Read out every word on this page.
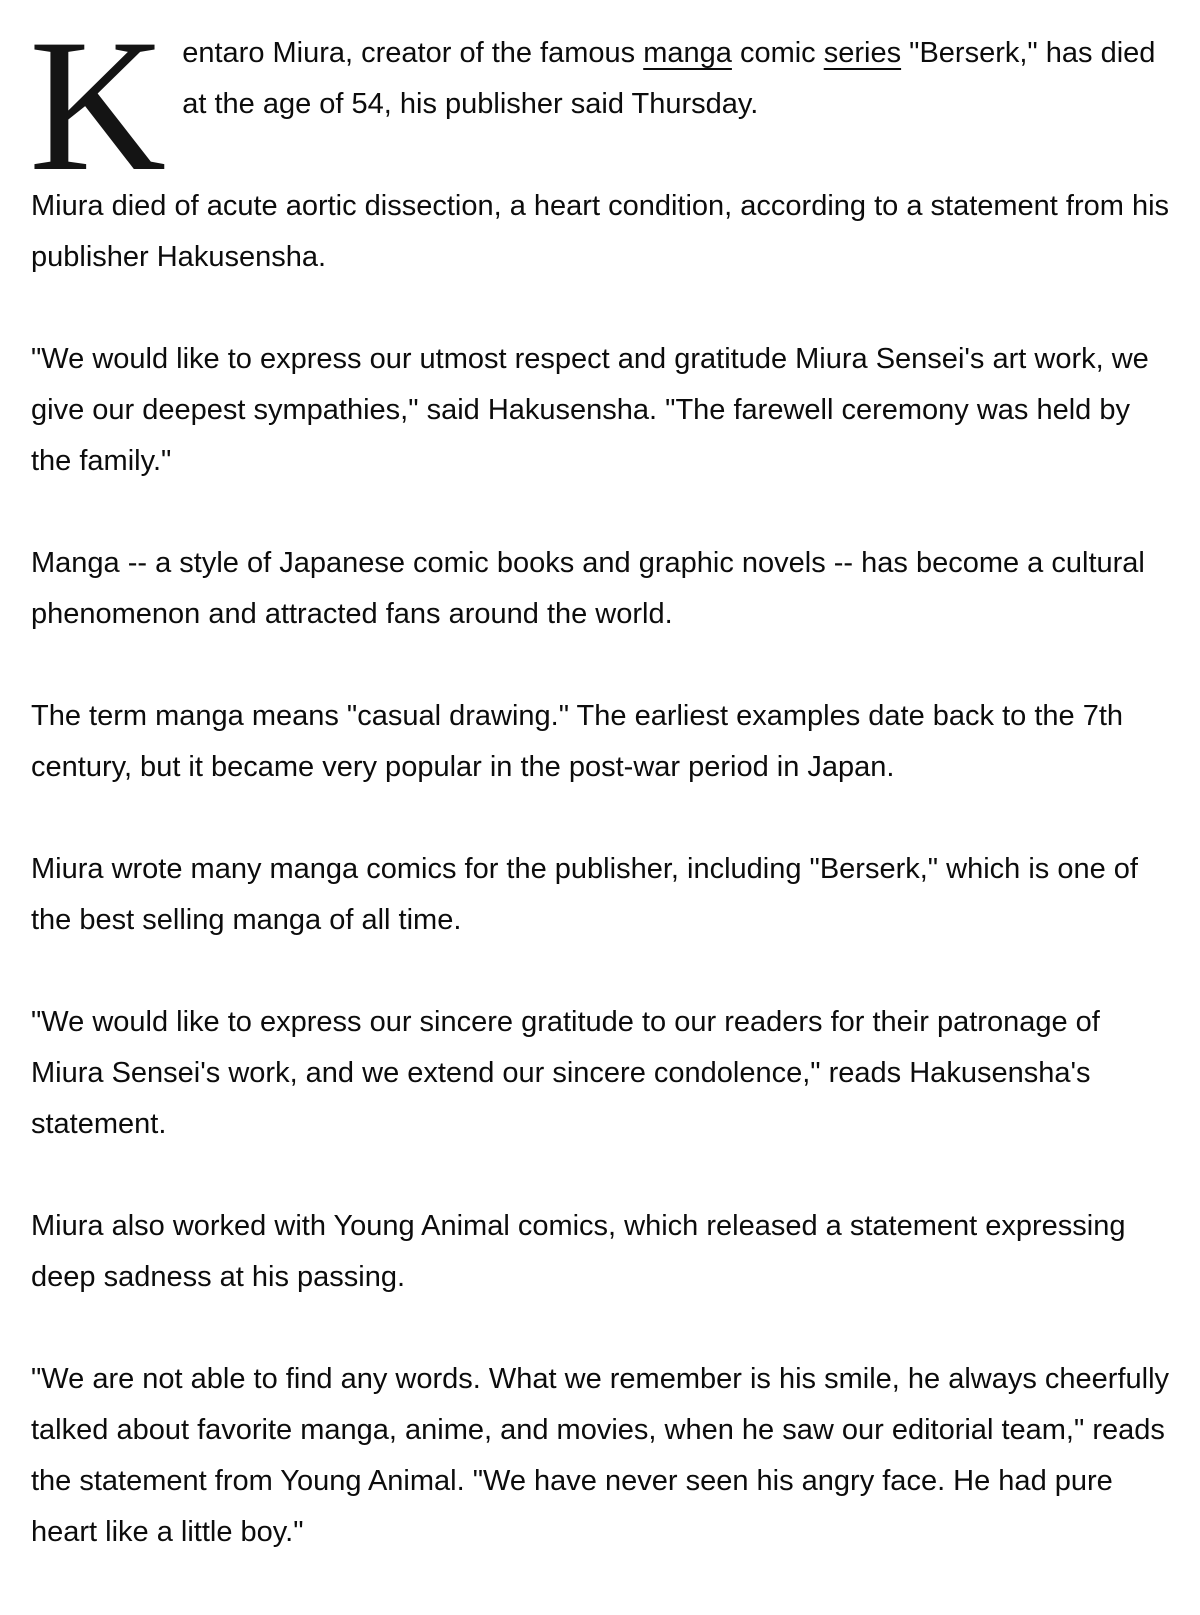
K entaro Miura, creator of the famous manga comic series "Berserk," has died at the age of 54, his publisher said Thursday.

Miura died of acute aortic dissection, a heart condition, according to a statement from his publisher Hakusensha.

"We would like to express our utmost respect and gratitude Miura Sensei's art work, we give our deepest sympathies," said Hakusensha. "The farewell ceremony was held by the family."

Manga -- a style of Japanese comic books and graphic novels -- has become a cultural phenomenon and attracted fans around the world.

The term manga means "casual drawing." The earliest examples date back to the 7th century, but it became very popular in the post-war period in Japan.

Miura wrote many manga comics for the publisher, including "Berserk," which is one of the best selling manga of all time.

"We would like to express our sincere gratitude to our readers for their patronage of Miura Sensei's work, and we extend our sincere condolence," reads Hakusensha's statement.

Miura also worked with Young Animal comics, which released a statement expressing deep sadness at his passing.

"We are not able to find any words. What we remember is his smile, he always cheerfully talked about favorite manga, anime, and movies, when he saw our editorial team," reads the statement from Young Animal. "We have never seen his angry face. He had pure heart like a little boy."
